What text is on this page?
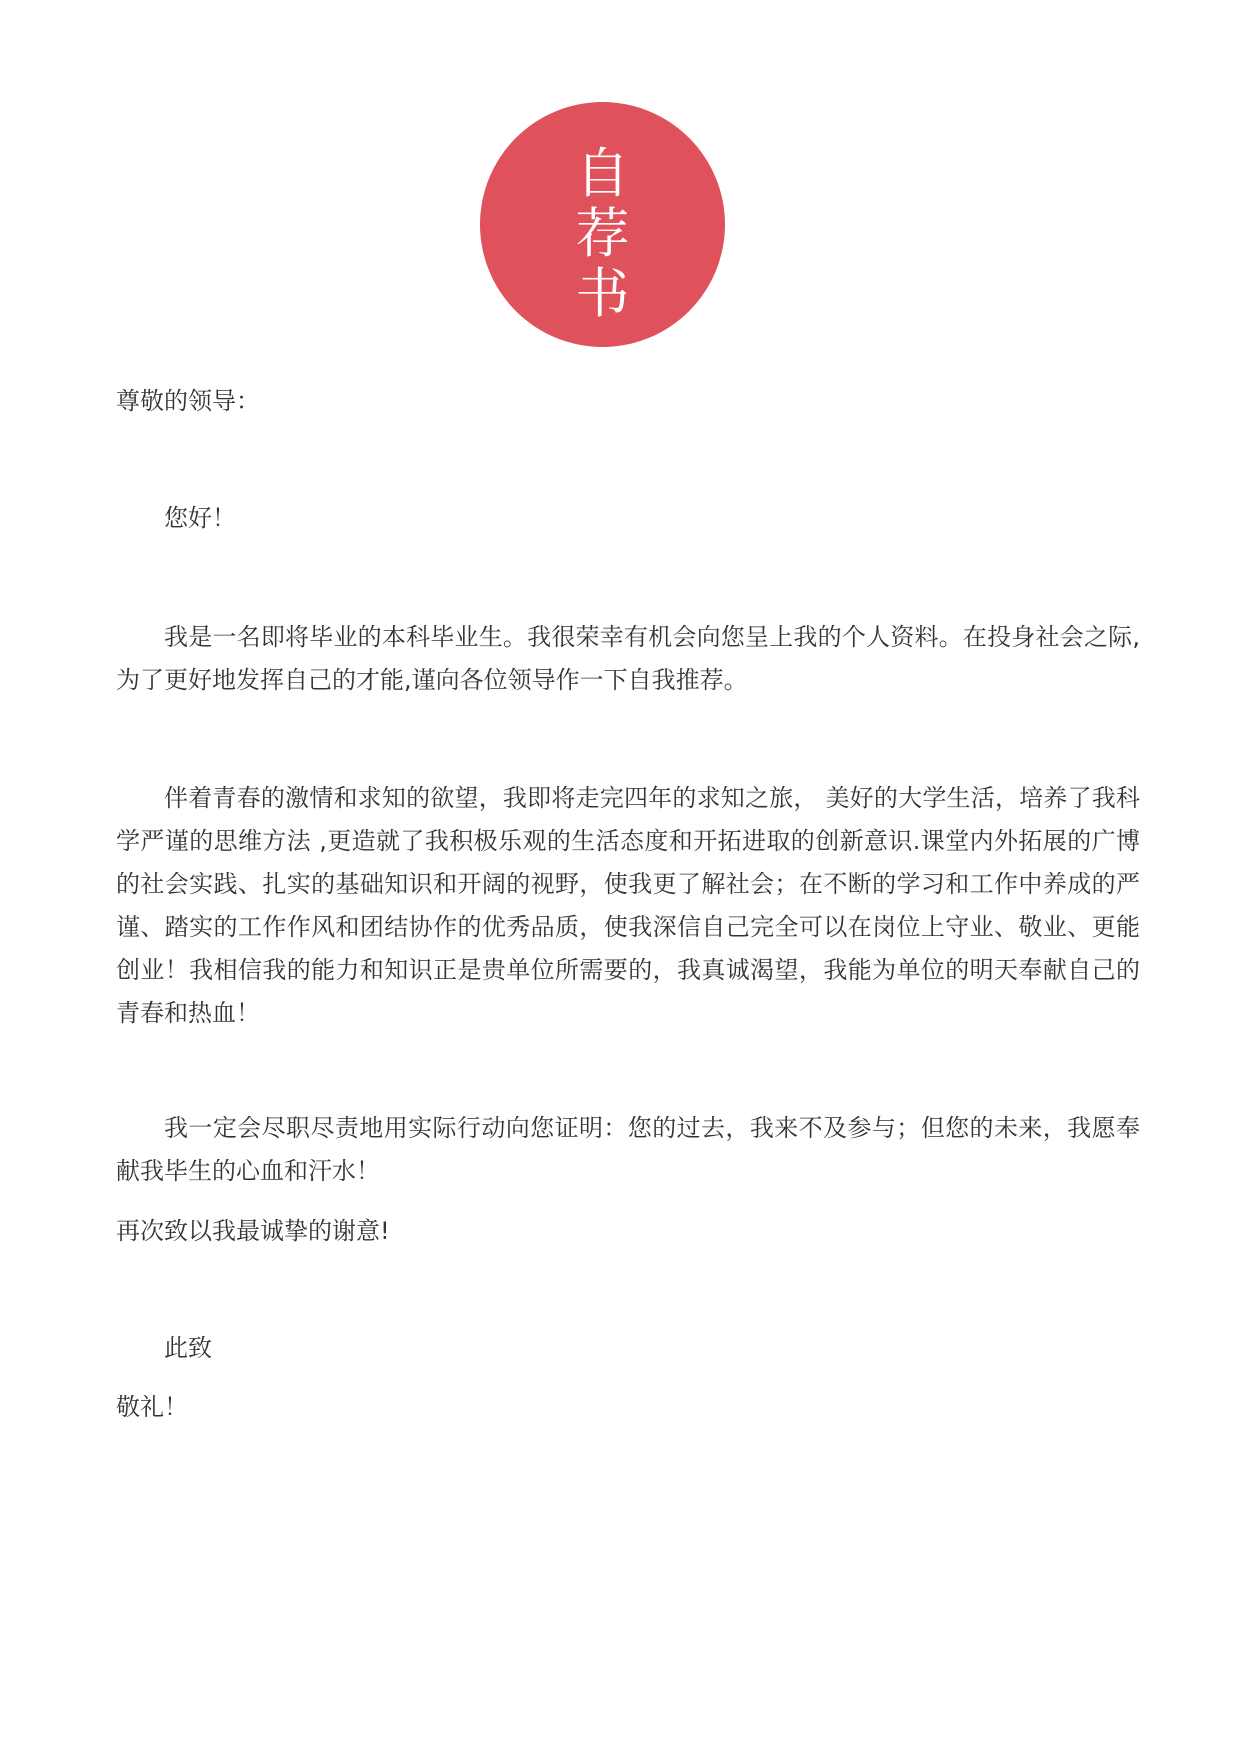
自
荐
书

尊敬的领导：

您好！

我是一名即将毕业的本科毕业生。我很荣幸有机会向您呈上我的个人资料。在投身社会之际,为了更好地发挥自己的才能,谨向各位领导作一下自我推荐。

伴着青春的激情和求知的欲望，我即将走完四年的求知之旅， 美好的大学生活，培养了我科学严谨的思维方法 ,更造就了我积极乐观的生活态度和开拓进取的创新意识.课堂内外拓展的广博的社会实践、扎实的基础知识和开阔的视野，使我更了解社会；在不断的学习和工作中养成的严谨、踏实的工作作风和团结协作的优秀品质，使我深信自己完全可以在岗位上守业、敬业、更能创业！我相信我的能力和知识正是贵单位所需要的，我真诚渴望，我能为单位的明天奉献自己的青春和热血！

我一定会尽职尽责地用实际行动向您证明：您的过去，我来不及参与；但您的未来，我愿奉献我毕生的心血和汗水！

再次致以我最诚挚的谢意!

此致

敬礼！
